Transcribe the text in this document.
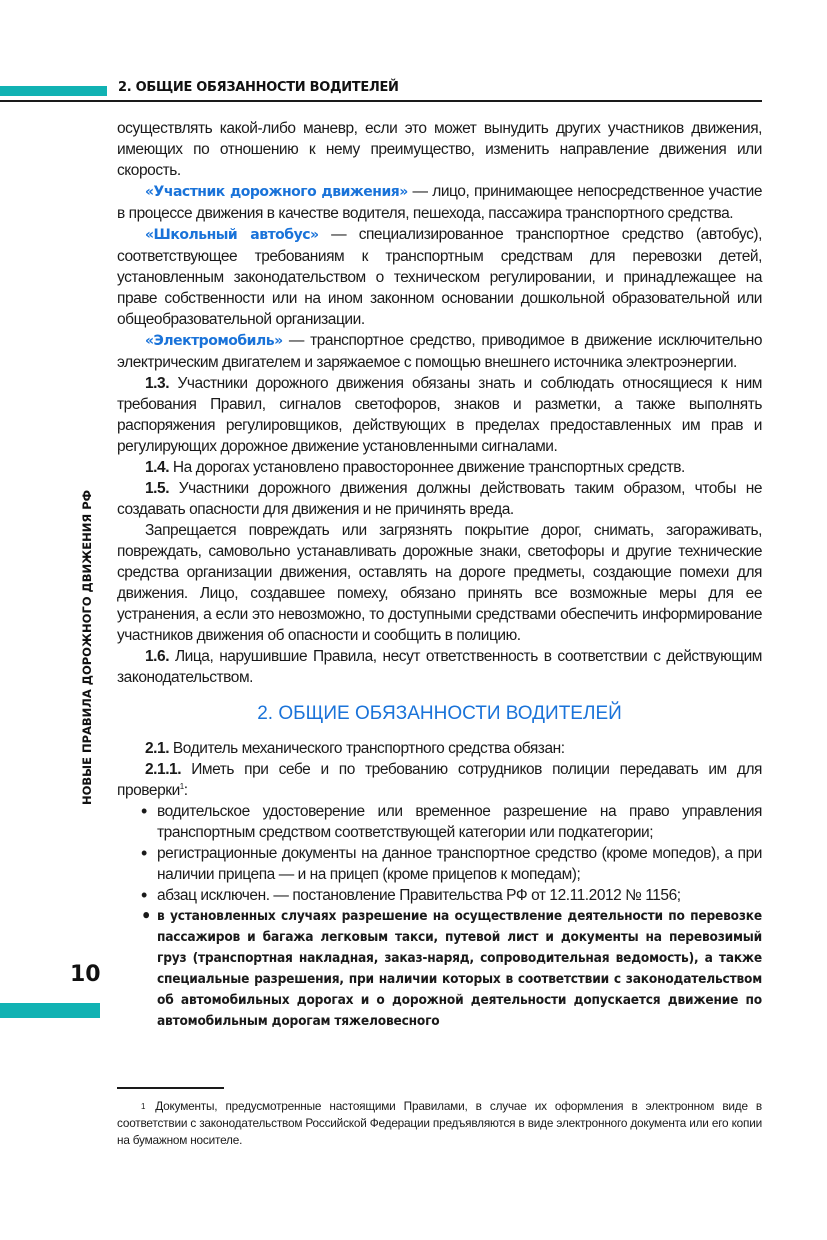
2. ОБЩИЕ ОБЯЗАННОСТИ ВОДИТЕЛЕЙ
НОВЫЕ ПРАВИЛА ДОРОЖНОГО ДВИЖЕНИЯ РФ
10

осуществлять какой-либо маневр, если это может вынудить других участников движения, имеющих по отношению к нему преимущество, изменить направление движения или скорость.

«Участник дорожного движения» — лицо, принимающее непосредственное участие в процессе движения в качестве водителя, пешехода, пассажира транспортного средства.

«Школьный автобус» — специализированное транспортное средство (автобус), соответствующее требованиям к транспортным средствам для перевозки детей, установленным законодательством о техническом регулировании, и принадлежащее на праве собственности или на ином законном основании дошкольной образовательной или общеобразовательной организации.

«Электромобиль» — транспортное средство, приводимое в движение исключительно электрическим двигателем и заряжаемое с помощью внешнего источника электроэнергии.

1.3. Участники дорожного движения обязаны знать и соблюдать относящиеся к ним требования Правил, сигналов светофоров, знаков и разметки, а также выполнять распоряжения регулировщиков, действующих в пределах предоставленных им прав и регулирующих дорожное движение установленными сигналами.

1.4. На дорогах установлено правостороннее движение транспортных средств.

1.5. Участники дорожного движения должны действовать таким образом, чтобы не создавать опасности для движения и не причинять вреда.

Запрещается повреждать или загрязнять покрытие дорог, снимать, загораживать, повреждать, самовольно устанавливать дорожные знаки, светофоры и другие технические средства организации движения, оставлять на дороге предметы, создающие помехи для движения. Лицо, создавшее помеху, обязано принять все возможные меры для ее устранения, а если это невозможно, то доступными средствами обеспечить информирование участников движения об опасности и сообщить в полицию.

1.6. Лица, нарушившие Правила, несут ответственность в соответствии с действующим законодательством.

2. ОБЩИЕ ОБЯЗАННОСТИ ВОДИТЕЛЕЙ

2.1. Водитель механического транспортного средства обязан:

2.1.1. Иметь при себе и по требованию сотрудников полиции передавать им для проверки$^1$:

• водительское удостоверение или временное разрешение на право управления транспортным средством соответствующей категории или подкатегории;
• регистрационные документы на данное транспортное средство (кроме мопедов), а при наличии прицепа — и на прицеп (кроме прицепов к мопедам);
• абзац исключен. — постановление Правительства РФ от 12.11.2012 № 1156;
• в установленных случаях разрешение на осуществление деятельности по перевозке пассажиров и багажа легковым такси, путевой лист и документы на перевозимый груз (транспортная накладная, заказ-наряд, сопроводительная ведомость), а также специальные разрешения, при наличии которых в соответствии с законодательством об автомобильных дорогах и о дорожной деятельности допускается движение по автомобильным дорогам тяжеловесного
$^1$ Документы, предусмотренные настоящими Правилами, в случае их оформления в электронном виде в соответствии с законодательством Российской Федерации предъявляются в виде электронного документа или его копии на бумажном носителе.
